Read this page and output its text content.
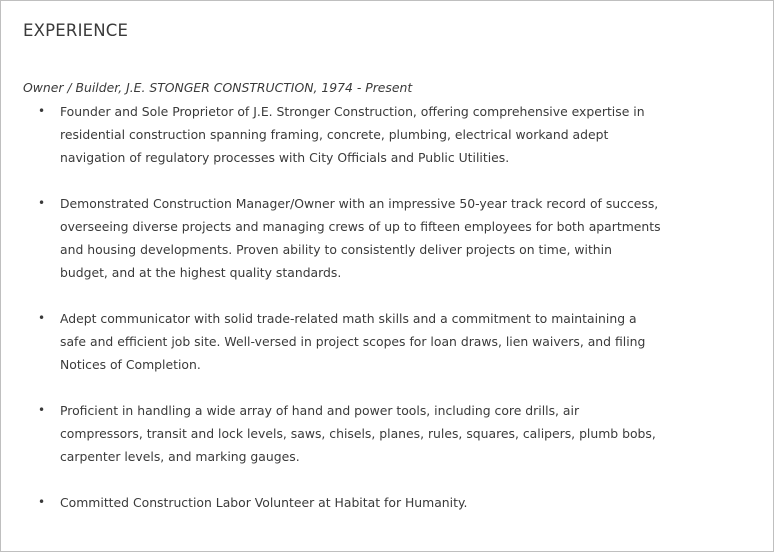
EXPERIENCE

Owner / Builder, J.E. STONGER CONSTRUCTION, 1974 - Present

• Founder and Sole Proprietor of J.E. Stronger Construction, offering comprehensive expertise in residential construction spanning framing, concrete, plumbing, electrical workand adept navigation of regulatory processes with City Officials and Public Utilities.
• Demonstrated Construction Manager/Owner with an impressive 50-year track record of success, overseeing diverse projects and managing crews of up to fifteen employees for both apartments and housing developments. Proven ability to consistently deliver projects on time, within budget, and at the highest quality standards.
• Adept communicator with solid trade-related math skills and a commitment to maintaining a safe and efficient job site. Well-versed in project scopes for loan draws, lien waivers, and filing Notices of Completion.
• Proficient in handling a wide array of hand and power tools, including core drills, air compressors, transit and lock levels, saws, chisels, planes, rules, squares, calipers, plumb bobs, carpenter levels, and marking gauges.
• Committed Construction Labor Volunteer at Habitat for Humanity.
